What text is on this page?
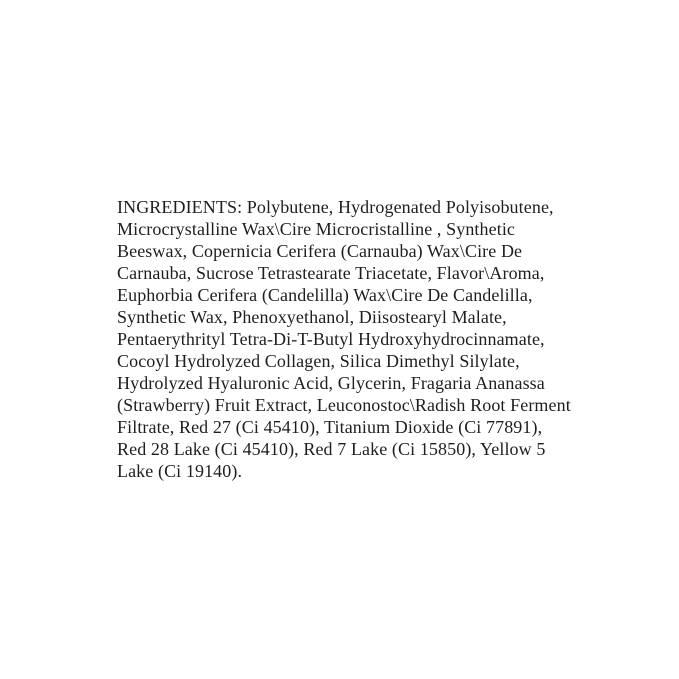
INGREDIENTS: Polybutene, Hydrogenated Polyisobutene,
Microcrystalline Wax\Cire Microcristalline , Synthetic
Beeswax, Copernicia Cerifera (Carnauba) Wax\Cire De
Carnauba, Sucrose Tetrastearate Triacetate, Flavor\Aroma,
Euphorbia Cerifera (Candelilla) Wax\Cire De Candelilla,
Synthetic Wax, Phenoxyethanol, Diisostearyl Malate,
Pentaerythrityl Tetra-Di-T-Butyl Hydroxyhydrocinnamate,
Cocoyl Hydrolyzed Collagen, Silica Dimethyl Silylate,
Hydrolyzed Hyaluronic Acid, Glycerin, Fragaria Ananassa
(Strawberry) Fruit Extract, Leuconostoc\Radish Root Ferment
Filtrate, Red 27 (Ci 45410), Titanium Dioxide (Ci 77891),
Red 28 Lake (Ci 45410), Red 7 Lake (Ci 15850), Yellow 5
Lake (Ci 19140).
